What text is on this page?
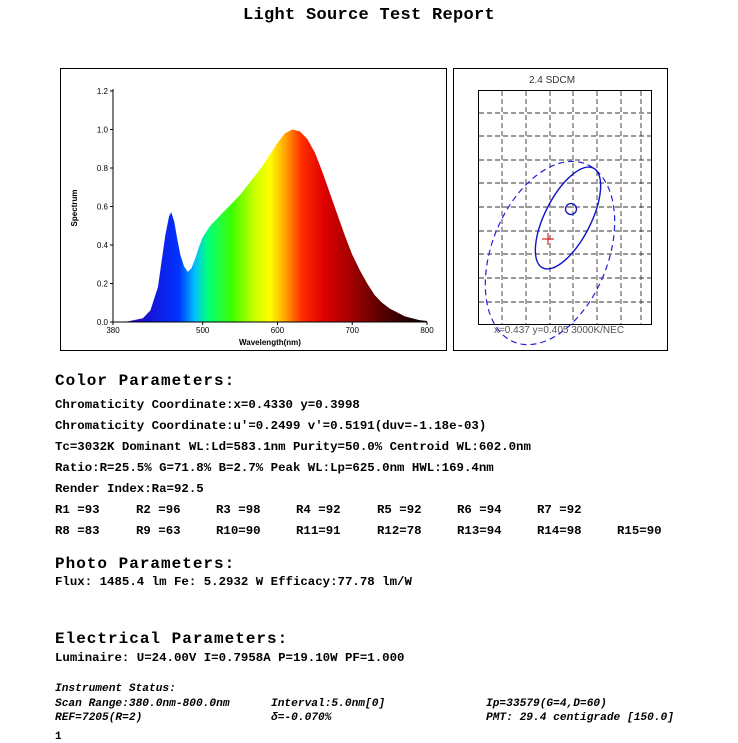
Light Source Test Report
0.0
0.2
0.4
0.6
0.8
1.0
1.2
380	500	600	700	800
Spectrum
Wavelength(nm)
2.4 SDCM
x=0.437 y=0.405 3000K/NEC
Color Parameters:
Chromaticity Coordinate:x=0.4330 y=0.3998
Chromaticity Coordinate:u'=0.2499 v'=0.5191(duv=-1.18e-03)
Tc=3032K Dominant WL:Ld=583.1nm Purity=50.0% Centroid WL:602.0nm
Ratio:R=25.5% G=71.8% B=2.7% Peak WL:Lp=625.0nm HWL:169.4nm
Render Index:Ra=92.5
R1 =93	R2 =96	R3 =98	R4 =92	R5 =92	R6 =94	R7 =92
R8 =83	R9 =63	R10=90	R11=91	R12=78	R13=94	R14=98	R15=90
Photo Parameters:
Flux: 1485.4 lm Fe: 5.2932 W Efficacy:77.78 lm/W
Electrical Parameters:
Luminaire: U=24.00V I=0.7958A P=19.10W PF=1.000
Instrument Status:
Scan Range:380.0nm-800.0nm	Interval:5.0nm[0]	Ip=33579(G=4,D=60)
REF=7205(R=2)	δ=-0.070%	PMT: 29.4 centigrade [150.0]
1
